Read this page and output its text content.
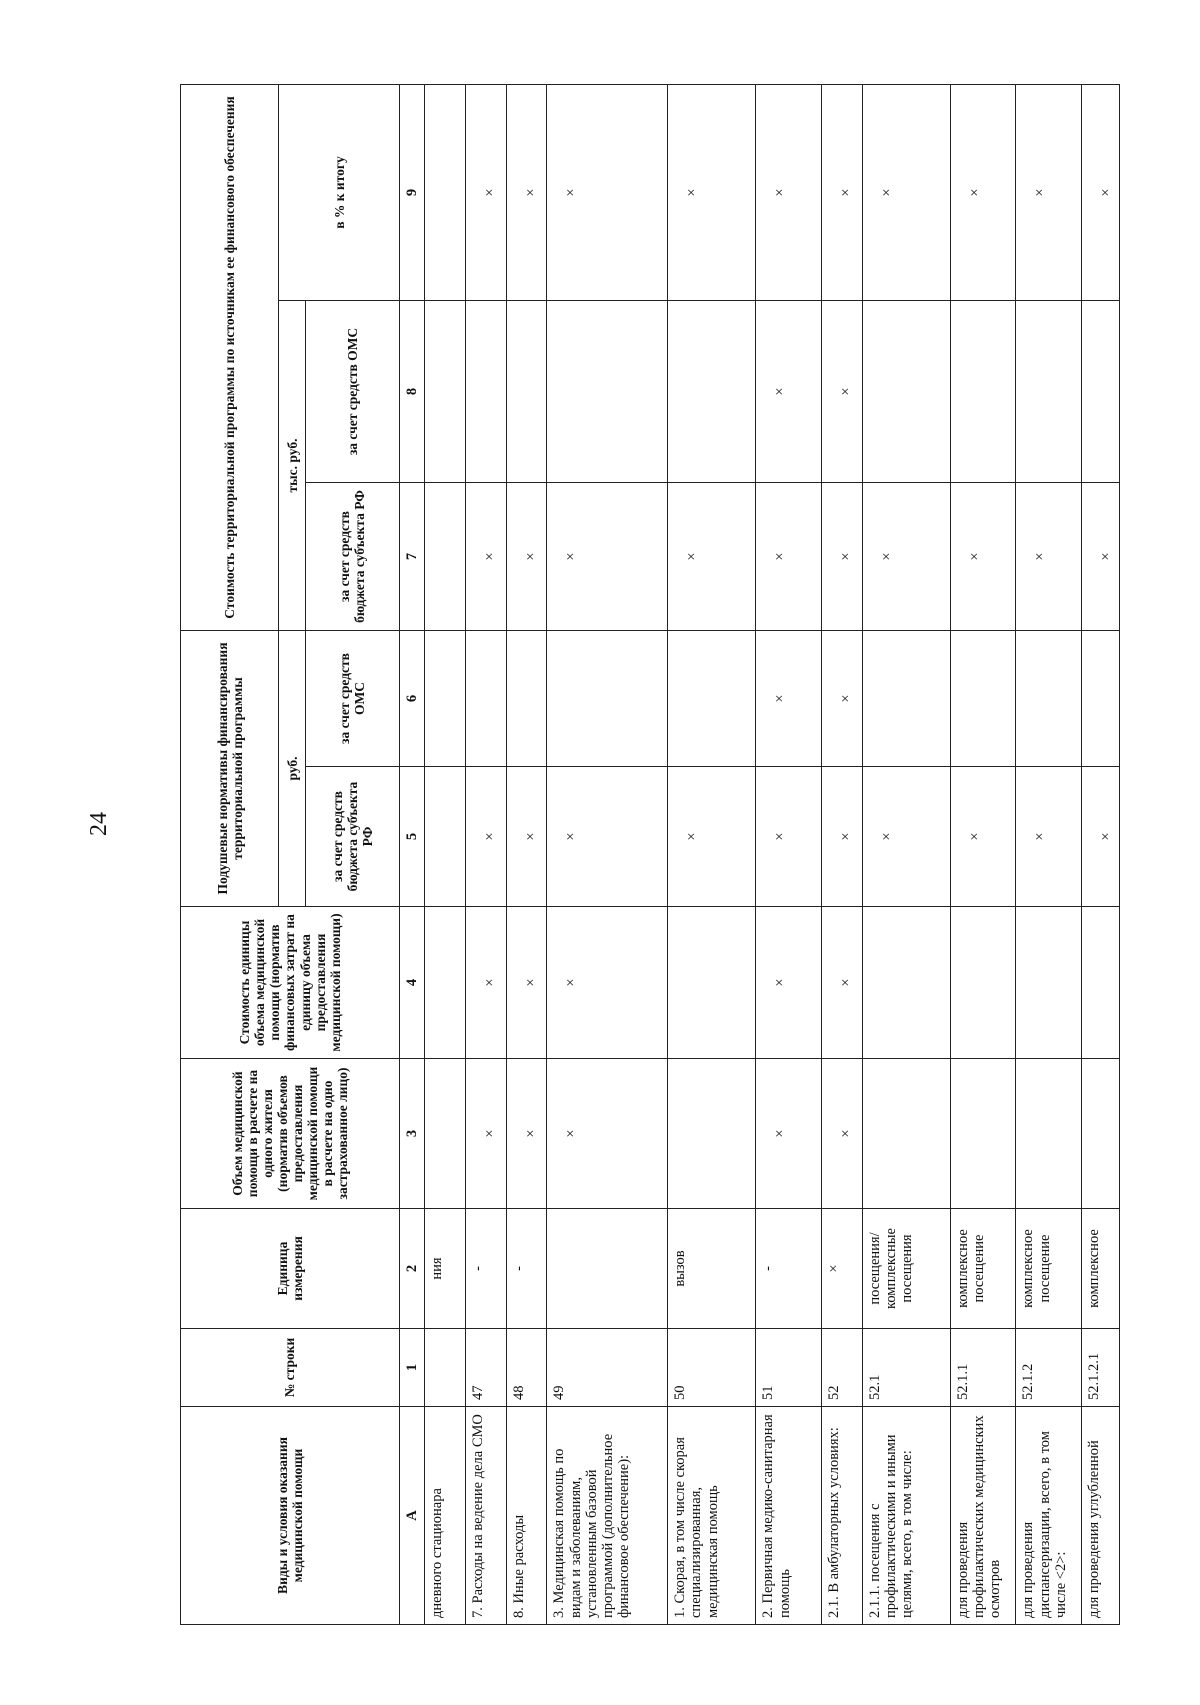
24
Виды и условия оказания медицинской помощи	№ строки	Единица измерения	Объем медицинской помощи в расчете на одного жителя (норматив объемов предоставления медицинской помощи в расчете на одно застрахованное лицо)	Стоимость единицы объема медицинской помощи (норматив финансовых затрат на единицу объема предоставления медицинской помощи)	Подушевые нормативы финансирования территориальной программы		Стоимость территориальной программы по источникам ее финансового обеспечения		
					руб.		тыс. руб.		в % к итогу
					за счет средств бюджета субъекта РФ	за счет средств ОМС	за счет средств бюджета субъекта РФ	за счет средств ОМС	
А	1	2	3	4	5	6	7	8	9
дневного стационара		ния							
7. Расходы на ведение дела СМО	47	-	×	×	×		×		×
8. Иные расходы	48	-	×	×	×		×		×
3. Медицинская помощь по видам и заболеваниям, установленным базовой программой (дополнительное финансовое обеспечение):	49		×	×	×		×		×
1. Скорая, в том числе скорая специализированная, медицинская помощь	50	вызов			×		×		×
2. Первичная медико-санитарная помощь	51	-	×	×	×	×	×	×	×
2.1. В амбулаторных условиях:	52	×	×	×	×	×	×	×	×
2.1.1. посещения с профилактическими и иными целями, всего, в том числе:	52.1	посещения/комплексные посещения			×		×		×
для проведения профилактических медицинских осмотров	52.1.1	комплексное посещение			×		×		×
для проведения диспансеризации, всего, в том числе <2>:	52.1.2	комплексное посещение			×		×		×
для проведения углубленной	52.1.2.1	комплексное			×		×		×
